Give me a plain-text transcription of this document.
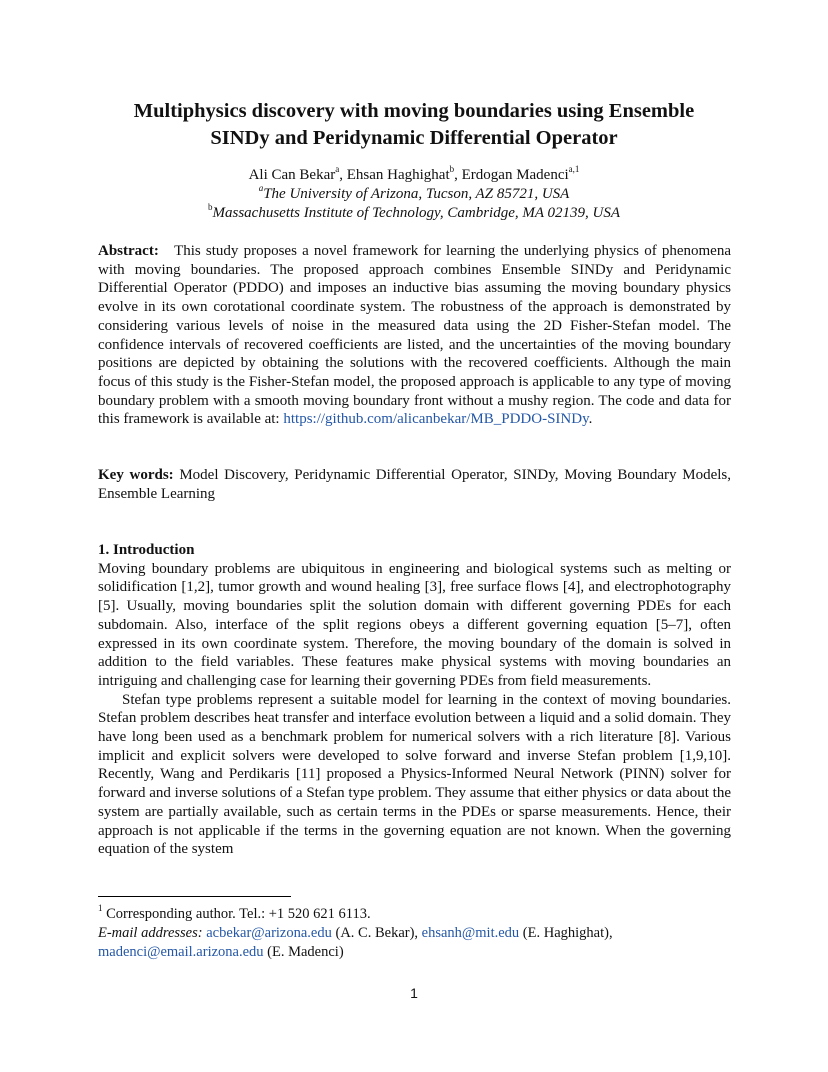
Multiphysics discovery with moving boundaries using Ensemble
SINDy and Peridynamic Differential Operator
Ali Can Bekar$^a$, Ehsan Haghighat$^b$, Erdogan Madenci$^{a,1}$
$^a$The University of Arizona, Tucson, AZ 85721, USA
$^b$Massachusetts Institute of Technology, Cambridge, MA 02139, USA
Abstract: This study proposes a novel framework for learning the underlying physics of phenomena with moving boundaries. The proposed approach combines Ensemble SINDy and Peridynamic Differential Operator (PDDO) and imposes an inductive bias assuming the moving boundary physics evolve in its own corotational coordinate system. The robustness of the approach is demonstrated by considering various levels of noise in the measured data using the 2D Fisher-Stefan model. The confidence intervals of recovered coefficients are listed, and the uncertainties of the moving boundary positions are depicted by obtaining the solutions with the recovered coefficients. Although the main focus of this study is the Fisher-Stefan model, the proposed approach is applicable to any type of moving boundary problem with a smooth moving boundary front without a mushy region. The code and data for this framework is available at: https://github.com/alicanbekar/MB_PDDO-SINDy.
Key words: Model Discovery, Peridynamic Differential Operator, SINDy, Moving Boundary Models, Ensemble Learning
1. Introduction

Moving boundary problems are ubiquitous in engineering and biological systems such as melting or solidification [1,2], tumor growth and wound healing [3], free surface flows [4], and electrophotography [5]. Usually, moving boundaries split the solution domain with different governing PDEs for each subdomain. Also, interface of the split regions obeys a different governing equation [5–7], often expressed in its own coordinate system. Therefore, the moving boundary of the domain is solved in addition to the field variables. These features make physical systems with moving boundaries an intriguing and challenging case for learning their governing PDEs from field measurements.

Stefan type problems represent a suitable model for learning in the context of moving boundaries. Stefan problem describes heat transfer and interface evolution between a liquid and a solid domain. They have long been used as a benchmark problem for numerical solvers with a rich literature [8]. Various implicit and explicit solvers were developed to solve forward and inverse Stefan problem [1,9,10]. Recently, Wang and Perdikaris [11] proposed a Physics-Informed Neural Network (PINN) solver for forward and inverse solutions of a Stefan type problem. They assume that either physics or data about the system are partially available, such as certain terms in the PDEs or sparse measurements. Hence, their approach is not applicable if the terms in the governing equation are not known. When the governing equation of the system

$^1$ Corresponding author. Tel.: +1 520 621 6113.
E-mail addresses: acbekar@arizona.edu (A. C. Bekar), ehsanh@mit.edu (E. Haghighat),
madenci@email.arizona.edu (E. Madenci)
1
